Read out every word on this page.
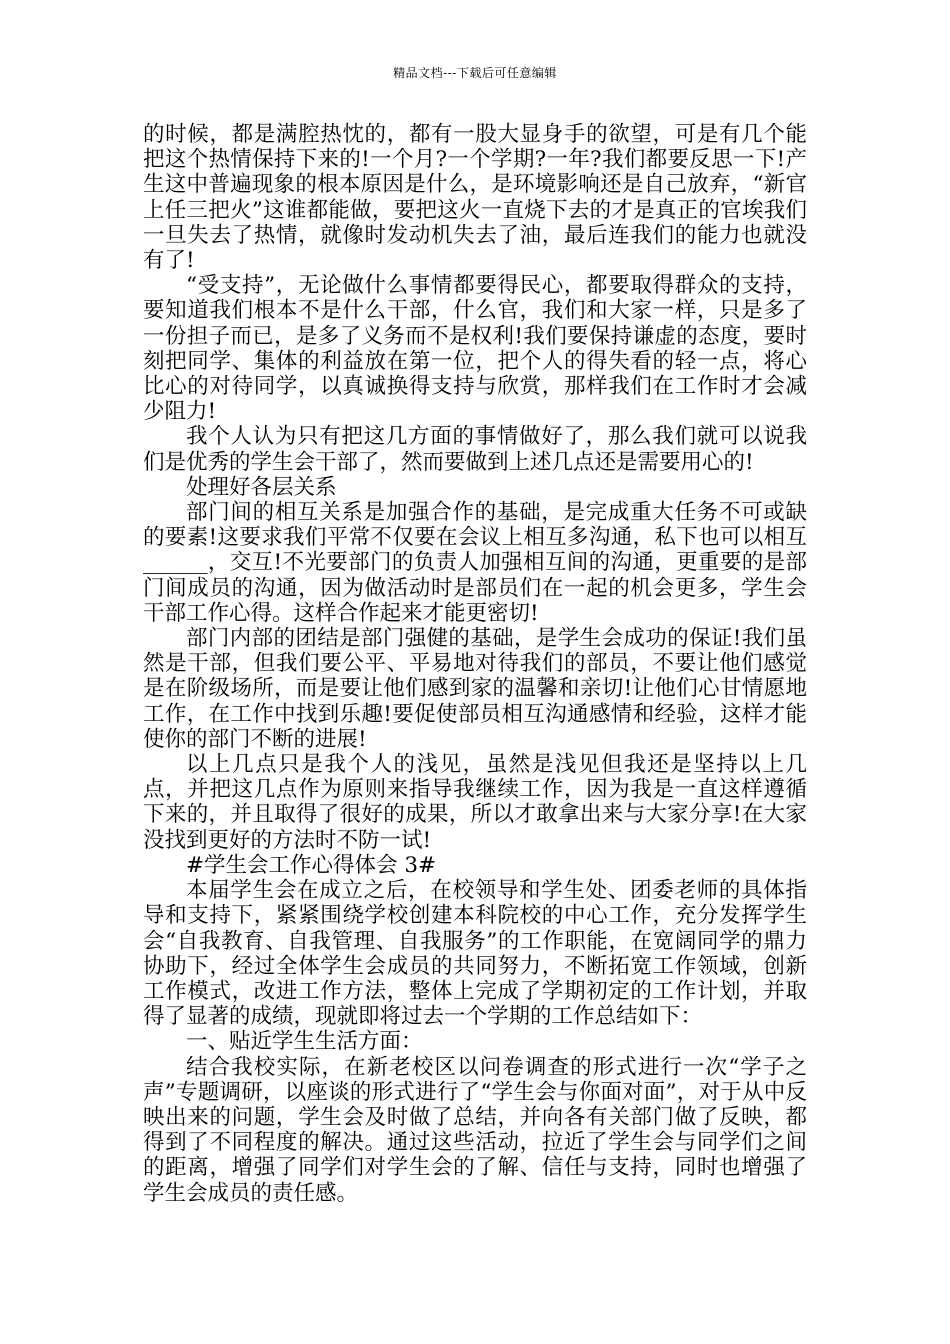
精品文档---下载后可任意编辑

的时候，都是满腔热忱的，都有一股大显身手的欲望，可是有几个能把这个热情保持下来的!一个月?一个学期?一年?我们都要反思一下!产生这中普遍现象的根本原因是什么，是环境影响还是自己放弃，“新官上任三把火”这谁都能做，要把这火一直烧下去的才是真正的官埃我们一旦失去了热情，就像时发动机失去了油，最后连我们的能力也就没有了!

“受支持”，无论做什么事情都要得民心，都要取得群众的支持，要知道我们根本不是什么干部，什么官，我们和大家一样，只是多了一份担子而已，是多了义务而不是权利!我们要保持谦虚的态度，要时刻把同学、集体的利益放在第一位，把个人的得失看的轻一点，将心比心的对待同学，以真诚换得支持与欣赏，那样我们在工作时才会减少阻力!

我个人认为只有把这几方面的事情做好了，那么我们就可以说我们是优秀的学生会干部了，然而要做到上述几点还是需要用心的!

处理好各层关系

部门间的相互关系是加强合作的基础，是完成重大任务不可或缺的要素!这要求我们平常不仅要在会议上相互多沟通，私下也可以相互______，交互!不光要部门的负责人加强相互间的沟通，更重要的是部门间成员的沟通，因为做活动时是部员们在一起的机会更多，学生会干部工作心得。这样合作起来才能更密切!

部门内部的团结是部门强健的基础，是学生会成功的保证!我们虽然是干部，但我们要公平、平易地对待我们的部员，不要让他们感觉是在阶级场所，而是要让他们感到家的温馨和亲切!让他们心甘情愿地工作，在工作中找到乐趣!要促使部员相互沟通感情和经验，这样才能使你的部门不断的进展!

以上几点只是我个人的浅见，虽然是浅见但我还是坚持以上几点，并把这几点作为原则来指导我继续工作，因为我是一直这样遵循下来的，并且取得了很好的成果，所以才敢拿出来与大家分享!在大家没找到更好的方法时不防一试!

#学生会工作心得体会 3#

本届学生会在成立之后，在校领导和学生处、团委老师的具体指导和支持下，紧紧围绕学校创建本科院校的中心工作，充分发挥学生会“自我教育、自我管理、自我服务”的工作职能，在宽阔同学的鼎力协助下，经过全体学生会成员的共同努力，不断拓宽工作领域，创新工作模式，改进工作方法，整体上完成了学期初定的工作计划，并取得了显著的成绩，现就即将过去一个学期的工作总结如下：

一、贴近学生生活方面：

结合我校实际，在新老校区以问卷调查的形式进行一次“学子之声”专题调研，以座谈的形式进行了“学生会与你面对面”，对于从中反映出来的问题，学生会及时做了总结，并向各有关部门做了反映，都得到了不同程度的解决。通过这些活动，拉近了学生会与同学们之间的距离，增强了同学们对学生会的了解、信任与支持，同时也增强了学生会成员的责任感。
